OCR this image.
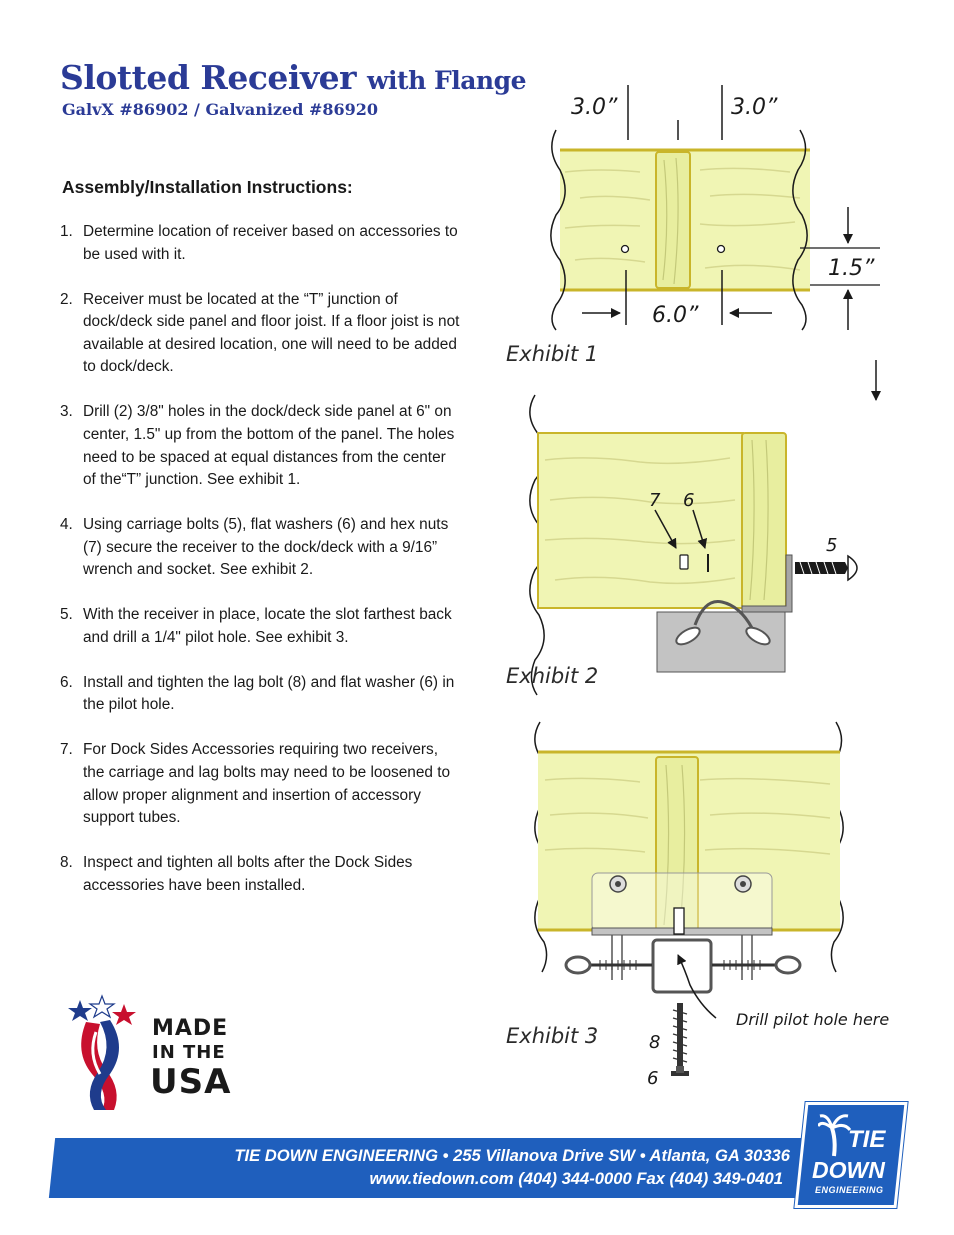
Slotted Receiver with Flange
GalvX #86902 / Galvanized #86920
Assembly/Installation Instructions:
1. Determine location of receiver based on accessories to be used with it.
2. Receiver must be located at the “T” junction of dock/deck side panel and floor joist. If a floor joist is not available at desired location, one will need to be added to dock/deck.
3. Drill (2) 3/8" holes in the dock/deck side panel at 6" on center, 1.5" up from the bottom of the panel. The holes need to be spaced at equal distances from the center of the“T” junction. See exhibit 1.
4. Using carriage bolts (5), flat washers (6) and hex nuts (7) secure the receiver to the dock/deck with a 9/16” wrench and socket. See exhibit 2.
5. With the receiver in place, locate the slot farthest back and drill a 1/4" pilot hole. See exhibit 3.
6. Install and tighten the lag bolt (8) and flat washer (6) in the pilot hole.
7. For Dock Sides Accessories requiring two receivers, the carriage and lag bolts may need to be loosened to allow proper alignment and insertion of accessory support tubes.
8. Inspect and tighten all bolts after the Dock Sides accessories have been installed.
3.0”	3.0”
6.0”
1.5”
Exhibit 1
7 6
5
Exhibit 2
Drill pilot hole here
8
6
Exhibit 3
MADE
IN THE
USA
TIE DOWN ENGINEERING • 255 Villanova Drive SW • Atlanta, GA 30336
www.tiedown.com (404) 344-0000 Fax (404) 349-0401
TIE
DOWN
ENGINEERING
